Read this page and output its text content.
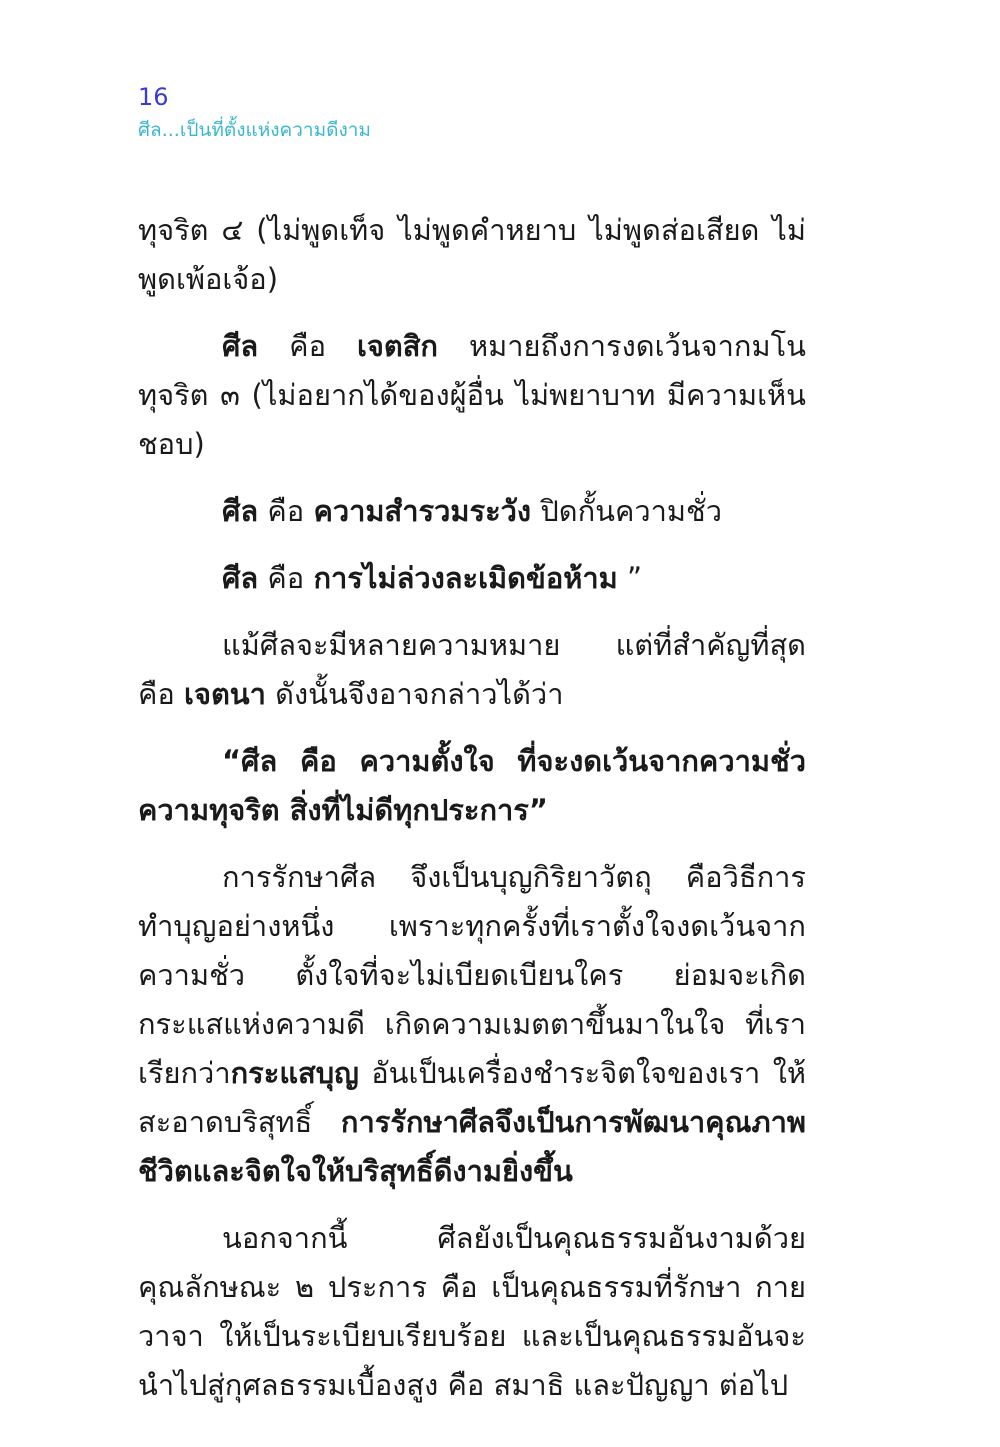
16
ศีล...เป็นที่ตั้งแห่งความดีงาม

ทุจริต ๔ (ไม่พูดเท็จ ไม่พูดคำหยาบ ไม่พูดส่อเสียด ไม่พูดเพ้อเจ้อ)

ศีล คือ เจตสิก หมายถึงการงดเว้นจากมโนทุจริต ๓ (ไม่อยากได้ของผู้อื่น ไม่พยาบาท มีความเห็นชอบ)

ศีล คือ ความสำรวมระวัง ปิดกั้นความชั่ว

ศีล คือ การไม่ล่วงละเมิดข้อห้าม ”

แม้ศีลจะมีหลายความหมาย แต่ที่สำคัญที่สุด คือ เจตนา ดังนั้นจึงอาจกล่าวได้ว่า

“ศีล คือ ความตั้งใจ ที่จะงดเว้นจากความชั่ว ความทุจริต สิ่งที่ไม่ดีทุกประการ”

การรักษาศีล จึงเป็นบุญกิริยาวัตถุ คือวิธีการทำบุญอย่างหนึ่ง เพราะทุกครั้งที่เราตั้งใจงดเว้นจากความชั่ว ตั้งใจที่จะไม่เบียดเบียนใคร ย่อมจะเกิดกระแสแห่งความดี เกิดความเมตตาขึ้นมาในใจ ที่เราเรียกว่ากระแสบุญ อันเป็นเครื่องชำระจิตใจของเรา ให้สะอาดบริสุทธิ์ การรักษาศีลจึงเป็นการพัฒนาคุณภาพชีวิตและจิตใจให้บริสุทธิ์ดีงามยิ่งขึ้น

นอกจากนี้ ศีลยังเป็นคุณธรรมอันงามด้วยคุณลักษณะ ๒ ประการ คือ เป็นคุณธรรมที่รักษา กาย วาจา ให้เป็นระเบียบเรียบร้อย และเป็นคุณธรรมอันจะนำไปสู่กุศลธรรมเบื้องสูง คือ สมาธิ และปัญญา ต่อไป
